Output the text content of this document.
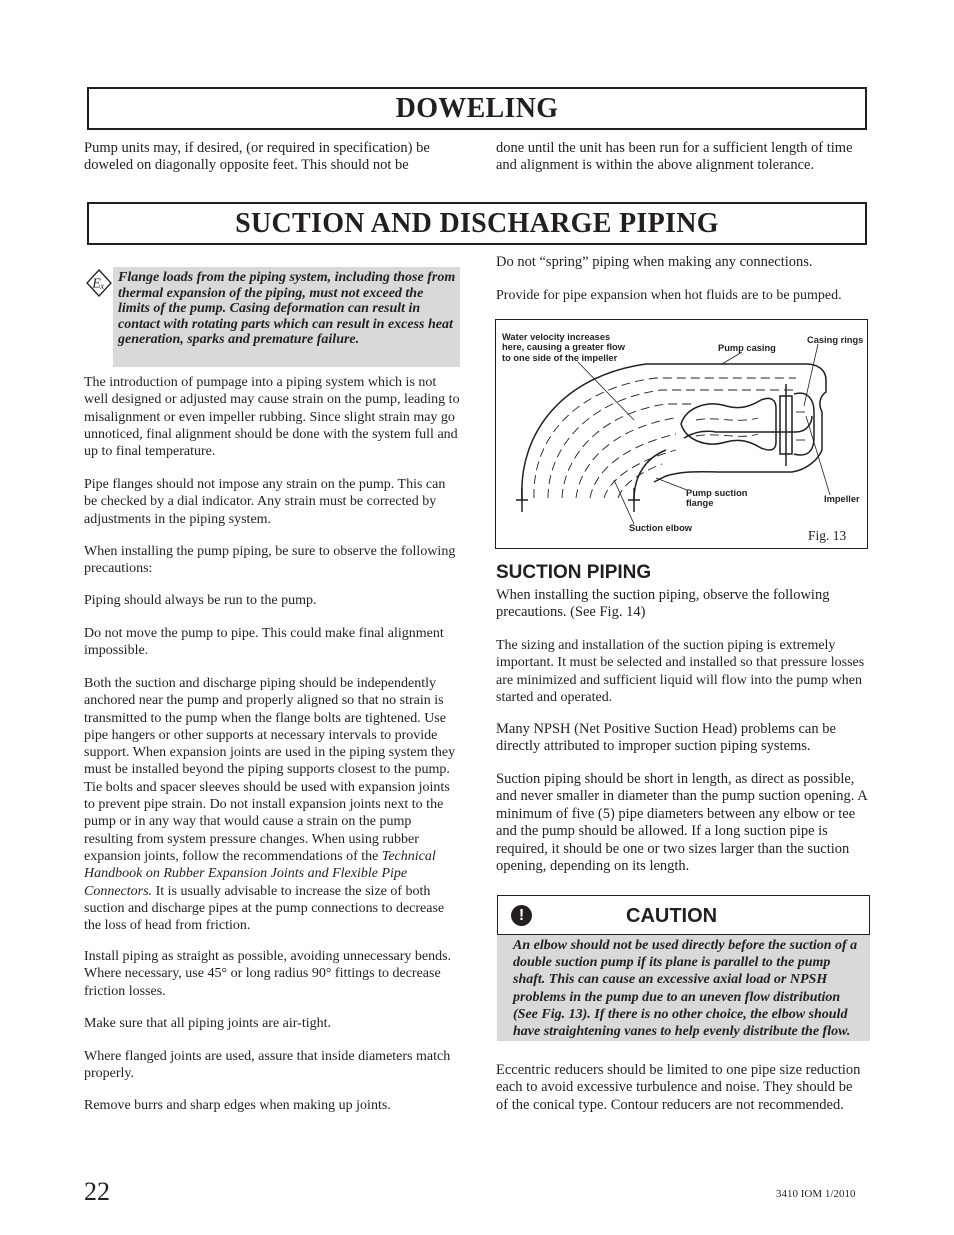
DOWELING

Pump units may, if desired, (or required in specification) be doweled on diagonally opposite feet. This should not be

done until the unit has been run for a sufficient length of time and alignment is within the above alignment tolerance.

SUCTION AND DISCHARGE PIPING
E x
Flange loads from the piping system, including those from thermal expansion of the piping, must not exceed the limits of the pump. Casing deformation can result in contact with rotating parts which can result in excess heat generation, sparks and premature failure.

The introduction of pumpage into a piping system which is not well designed or adjusted may cause strain on the pump, leading to misalignment or even impeller rubbing. Since slight strain may go unnoticed, final alignment should be done with the system full and up to final temperature.

Pipe flanges should not impose any strain on the pump. This can be checked by a dial indicator. Any strain must be corrected by adjustments in the piping system.

When installing the pump piping, be sure to observe the following precautions:

Piping should always be run to the pump.

Do not move the pump to pipe. This could make final alignment impossible.

Both the suction and discharge piping should be independently anchored near the pump and properly aligned so that no strain is transmitted to the pump when the flange bolts are tightened. Use pipe hangers or other supports at necessary intervals to provide support. When expansion joints are used in the piping system they must be installed beyond the piping supports closest to the pump. Tie bolts and spacer sleeves should be used with expansion joints to prevent pipe strain. Do not install expansion joints next to the pump or in any way that would cause a strain on the pump resulting from system pressure changes. When using rubber expansion joints, follow the recommendations of the Technical Handbook on Rubber Expansion Joints and Flexible Pipe Connectors. It is usually advisable to increase the size of both suction and discharge pipes at the pump connections to decrease the loss of head from friction.

Install piping as straight as possible, avoiding unnecessary bends. Where necessary, use 45° or long radius 90° fittings to decrease friction losses.

Make sure that all piping joints are air-tight.

Where flanged joints are used, assure that inside diameters match properly.

Remove burrs and sharp edges when making up joints.

Do not “spring” piping when making any connections.

Provide for pipe expansion when hot fluids are to be pumped.

Water velocity increases
here, causing a greater flow
to one side of the impeller
Pump casing
Casing rings
Pump suction
flange	Impeller
Suction elbow	Fig. 13
SUCTION PIPING

When installing the suction piping, observe the following precautions. (See Fig. 14)

The sizing and installation of the suction piping is extremely important. It must be selected and installed so that pressure losses are minimized and sufficient liquid will flow into the pump when started and operated.

Many NPSH (Net Positive Suction Head) problems can be directly attributed to improper suction piping systems.

Suction piping should be short in length, as direct as possible, and never smaller in diameter than the pump suction opening. A minimum of five (5) pipe diameters between any elbow or tee and the pump should be allowed. If a long suction pipe is required, it should be one or two sizes larger than the suction opening, depending on its length.

!	CAUTION
An elbow should not be used directly before the suction of a double suction pump if its plane is parallel to the pump shaft. This can cause an excessive axial load or NPSH problems in the pump due to an uneven flow distribution (See Fig. 13). If there is no other choice, the elbow should have straightening vanes to help evenly distribute the flow.

Eccentric reducers should be limited to one pipe size reduction each to avoid excessive turbulence and noise. They should be of the conical type. Contour reducers are not recommended.

22	3410 IOM 1/2010
